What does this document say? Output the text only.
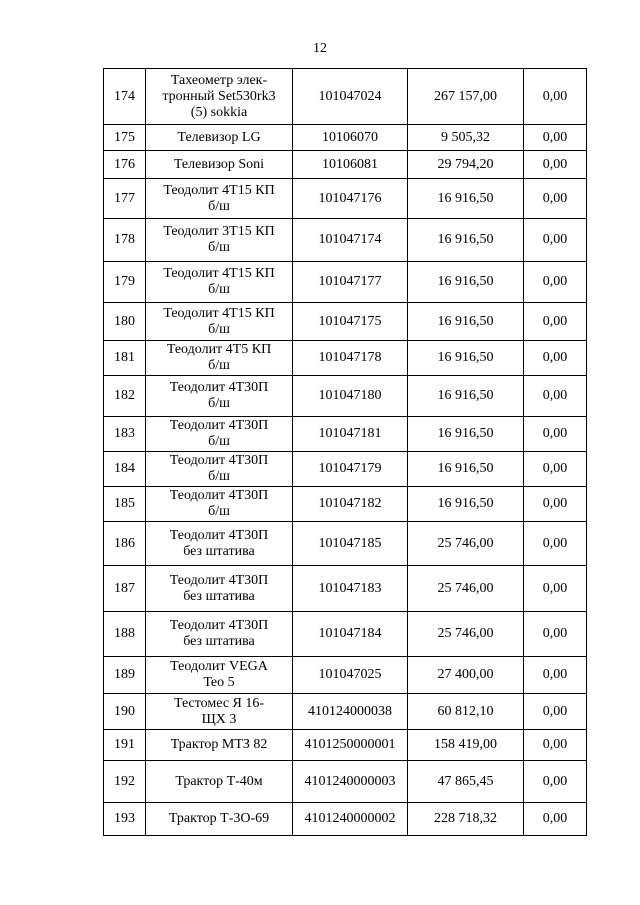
12
174	Тахеометр элек-
тронный Set530rk3
(5) sokkia	101047024	267 157,00	0,00
175	Телевизор LG	10106070	9 505,32	0,00
176	Телевизор Soni	10106081	29 794,20	0,00
177	Теодолит 4Т15 КП
б/ш	101047176	16 916,50	0,00
178	Теодолит 3Т15 КП
б/ш	101047174	16 916,50	0,00
179	Теодолит 4Т15 КП
б/ш	101047177	16 916,50	0,00
180	Теодолит 4Т15 КП
б/ш	101047175	16 916,50	0,00
181	Теодолит 4Т5 КП
б/ш	101047178	16 916,50	0,00
182	Теодолит 4Т30П
б/ш	101047180	16 916,50	0,00
183	Теодолит 4Т30П
б/ш	101047181	16 916,50	0,00
184	Теодолит 4Т30П
б/ш	101047179	16 916,50	0,00
185	Теодолит 4Т30П
б/ш	101047182	16 916,50	0,00
186	Теодолит 4Т30П
без штатива	101047185	25 746,00	0,00
187	Теодолит 4Т30П
без штатива	101047183	25 746,00	0,00
188	Теодолит 4Т30П
без штатива	101047184	25 746,00	0,00
189	Теодолит VEGA
Teo 5	101047025	27 400,00	0,00
190	Тестомес Я 16-
ЩХ 3	410124000038	60 812,10	0,00
191	Трактор МТЗ 82	4101250000001	158 419,00	0,00
192	Трактор Т-40м	4101240000003	47 865,45	0,00
193	Трактор Т-3О-69	4101240000002	228 718,32	0,00
